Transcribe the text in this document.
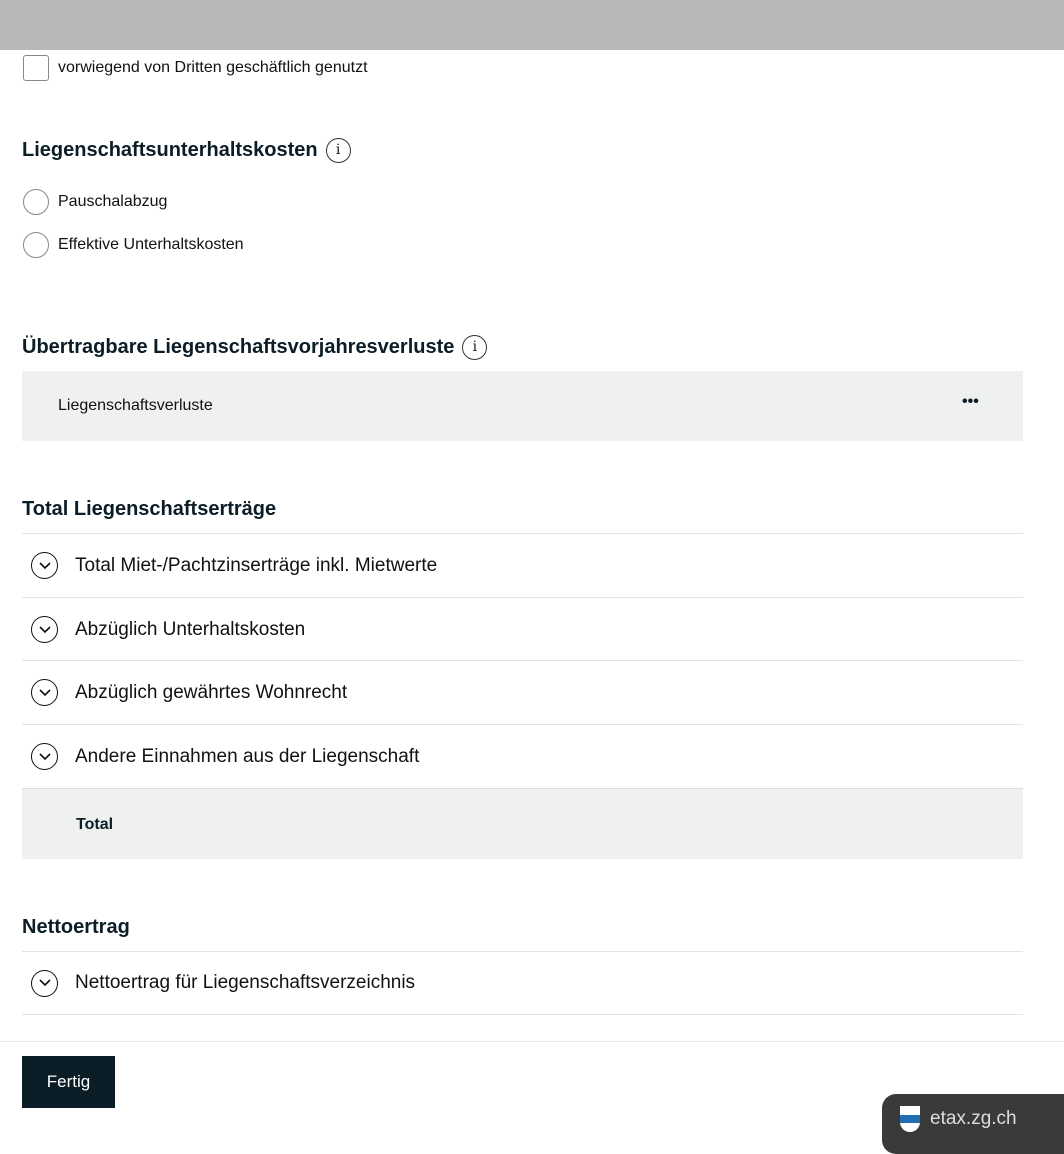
vorwiegend von Dritten geschäftlich genutzt
Liegenschaftsunterhaltskosten i
Pauschalabzug
Effektive Unterhaltskosten
Übertragbare Liegenschaftsvorjahresverluste i
Liegenschaftsverluste	•••
Total Liegenschaftserträge
Total Miet-/Pachtzinserträge inkl. Mietwerte
Abzüglich Unterhaltskosten
Abzüglich gewährtes Wohnrecht
Andere Einnahmen aus der Liegenschaft
Total
Nettoertrag
Nettoertrag für Liegenschaftsverzeichnis
Fertig
etax.zg.ch
